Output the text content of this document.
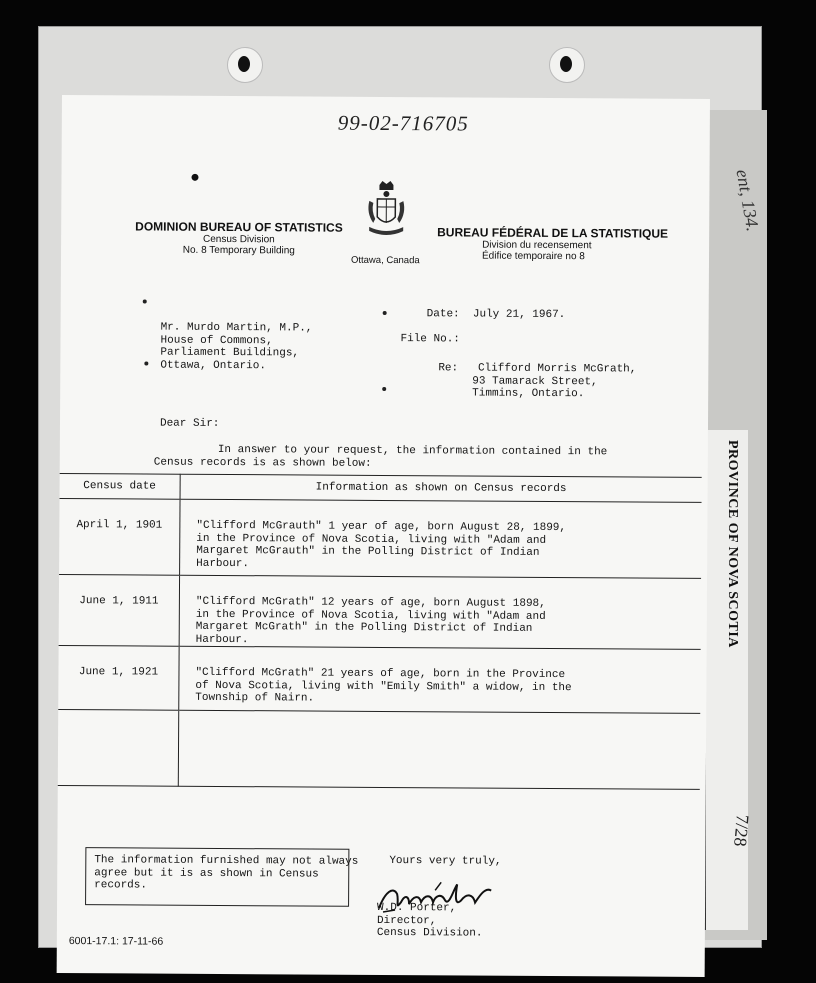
PROVINCE OF NOVA SCOTIA
ent, 134.
7/28
99-02-716705
DOMINION BUREAU OF STATISTICS
Census Division
No. 8 Temporary Building
Ottawa, Canada
BUREAU FÉDÉRAL DE LA STATISTIQUE
Division du recensement
Édifice temporaire no 8
Mr. Murdo Martin, M.P.,
House of Commons,
Parliament Buildings,
Ottawa, Ontario.
Date: July 21, 1967.
File No.:
Re: Clifford Morris McGrath,
93 Tamarack Street,
Timmins, Ontario.
Dear Sir:
In answer to your request, the information contained in the
Census records is as shown below:
Census date	Information as shown on Census records
April 1, 1901	"Clifford McGrauth" 1 year of age, born August 28, 1899,
in the Province of Nova Scotia, living with "Adam and
Margaret McGrauth" in the Polling District of Indian
Harbour.

June 1, 1911	"Clifford McGrath" 12 years of age, born August 1898,
in the Province of Nova Scotia, living with "Adam and
Margaret McGrath" in the Polling District of Indian
Harbour.

June 1, 1921	"Clifford McGrath" 21 years of age, born in the Province
of Nova Scotia, living with "Emily Smith" a widow, in the
Township of Nairn.

The information furnished may not always
agree but it is as shown in Census
records.
Yours very truly,
W.D. Porter,
Director,
Census Division.
6001-17.1: 17-11-66
